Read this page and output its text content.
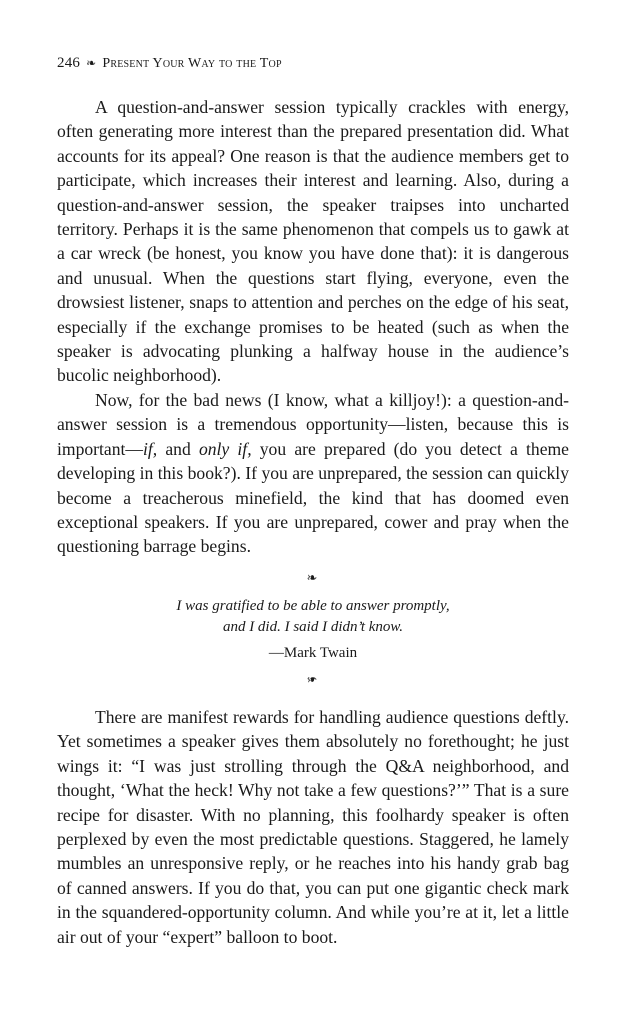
246 ❧ Present Your Way to the Top

A question-and-answer session typically crackles with energy, often generating more interest than the prepared presentation did. What accounts for its appeal? One reason is that the audience members get to participate, which increases their interest and learning. Also, during a question-and-answer session, the speaker traipses into uncharted territory. Perhaps it is the same phenomenon that compels us to gawk at a car wreck (be honest, you know you have done that): it is dangerous and unusual. When the questions start flying, everyone, even the drowsiest listener, snaps to attention and perches on the edge of his seat, especially if the exchange promises to be heated (such as when the speaker is advocating plunking a halfway house in the audience’s bucolic neighborhood).

Now, for the bad news (I know, what a killjoy!): a question-and-answer session is a tremendous opportunity—listen, because this is important—if, and only if, you are prepared (do you detect a theme developing in this book?). If you are unprepared, the session can quickly become a treacherous minefield, the kind that has doomed even exceptional speakers. If you are unprepared, cower and pray when the questioning barrage begins.

❧
I was gratified to be able to answer promptly,
and I did. I said I didn’t know.
—Mark Twain
❧

There are manifest rewards for handling audience questions deftly. Yet sometimes a speaker gives them absolutely no forethought; he just wings it: “I was just strolling through the Q&A neighborhood, and thought, ‘What the heck! Why not take a few questions?’” That is a sure recipe for disaster. With no planning, this foolhardy speaker is often perplexed by even the most predictable questions. Staggered, he lamely mumbles an unresponsive reply, or he reaches into his handy grab bag of canned answers. If you do that, you can put one gigantic check mark in the squandered-opportunity column. And while you’re at it, let a little air out of your “expert” balloon to boot.
